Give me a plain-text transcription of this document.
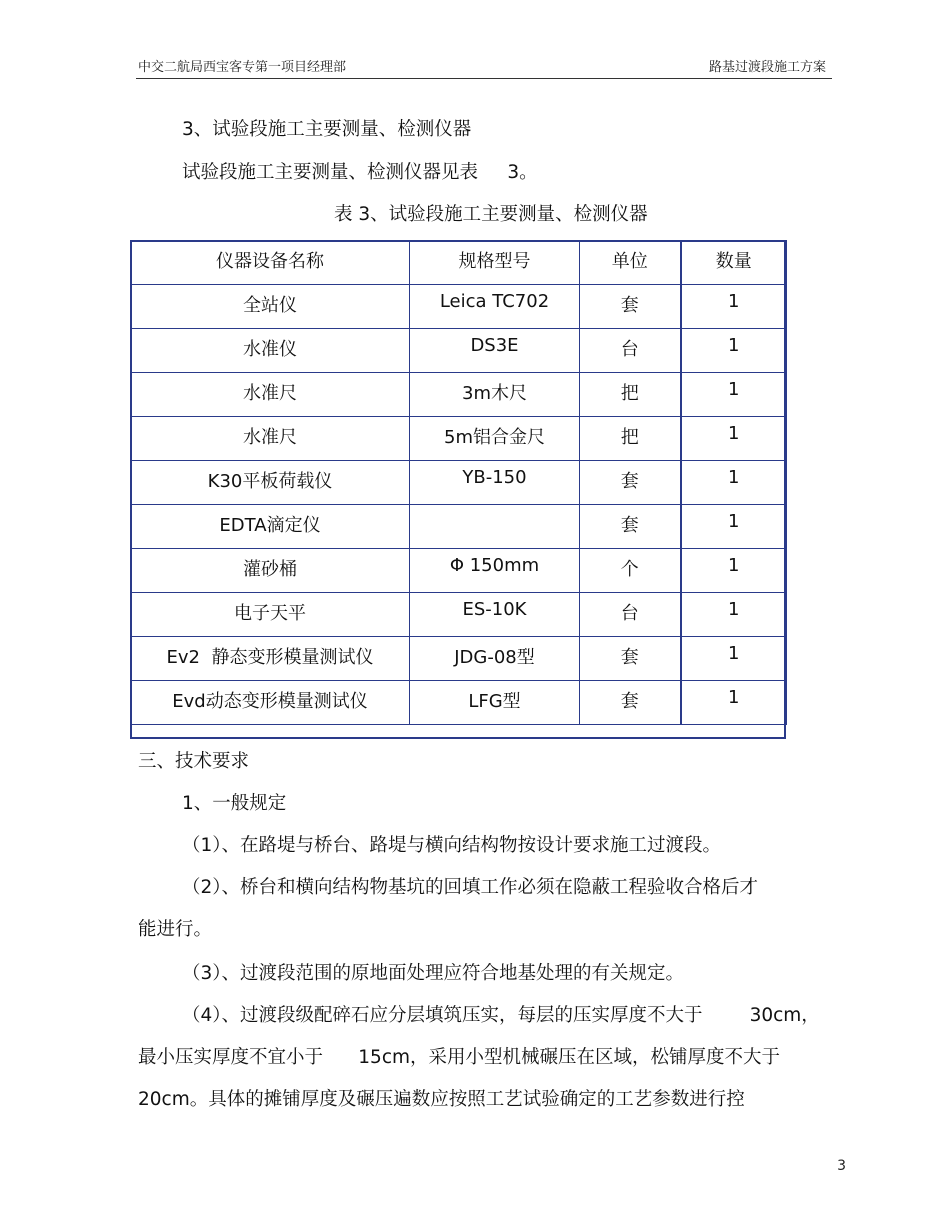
中交二航局西宝客专第一项目经理部	路基过渡段施工方案
3、试验段施工主要测量、检测仪器
试验段施工主要测量、检测仪器见表     3。
表 3、试验段施工主要测量、检测仪器
仪器设备名称	规格型号	单位	数量
全站仪	Leica TC702	套	1
水准仪	DS3E	台	1
水准尺	3m木尺	把	1
水准尺	5m铝合金尺	把	1
K30平板荷载仪	YB-150	套	1
EDTA滴定仪		套	1
灌砂桶	Φ 150mm	个	1
电子天平	ES-10K	台	1
Ev2  静态变形模量测试仪	JDG-08型	套	1
Evd动态变形模量测试仪	LFG型	套	1
三、技术要求
1、一般规定
（1）、在路堤与桥台、路堤与横向结构物按设计要求施工过渡段。
（2）、桥台和横向结构物基坑的回填工作必须在隐蔽工程验收合格后才
能进行。
（3）、过渡段范围的原地面处理应符合地基处理的有关规定。
（4）、过渡段级配碎石应分层填筑压实，每层的压实厚度不大于        30cm，
最小压实厚度不宜小于      15cm，采用小型机械碾压在区域，松铺厚度不大于
20cm。具体的摊铺厚度及碾压遍数应按照工艺试验确定的工艺参数进行控
3
